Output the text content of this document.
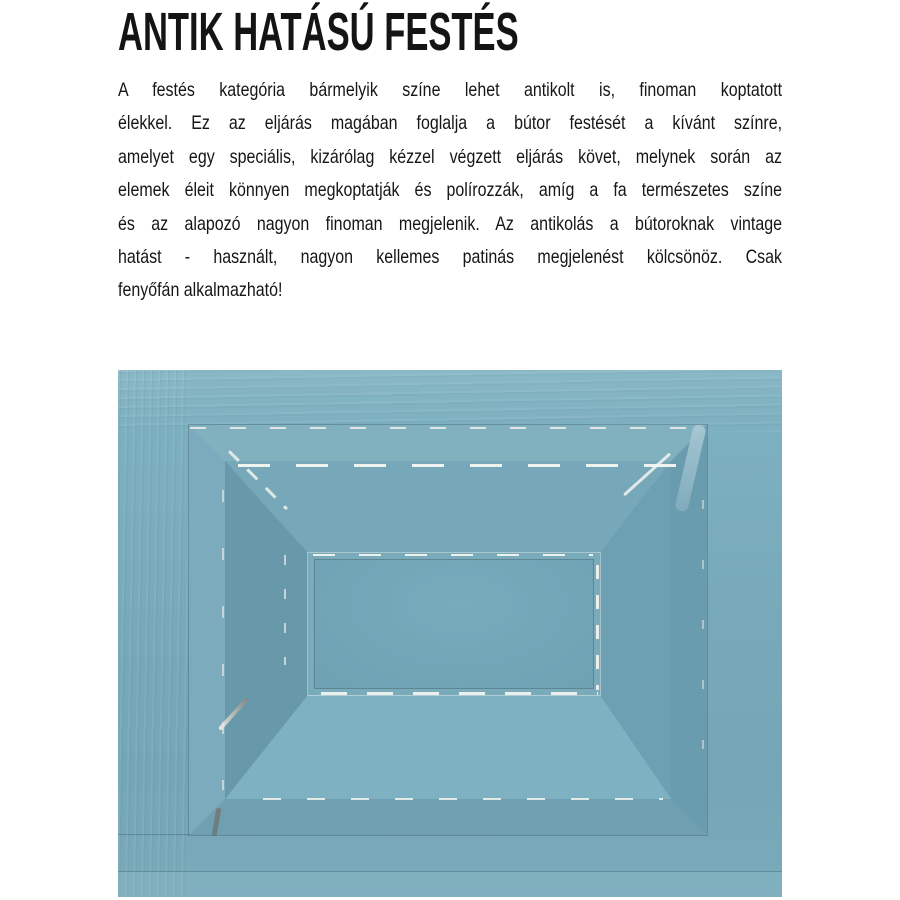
ANTIK HATÁSÚ FESTÉS
A festés kategória bármelyik színe lehet antikolt is, finoman koptatott
élekkel. Ez az eljárás magában foglalja a bútor festését a kívánt színre,
amelyet egy speciális, kizárólag kézzel végzett eljárás követ, melynek során az
elemek éleit könnyen megkoptatják és polírozzák, amíg a fa természetes színe
és az alapozó nagyon finoman megjelenik. Az antikolás a bútoroknak vintage
hatást - használt, nagyon kellemes patinás megjelenést kölcsönöz. Csak
fenyőfán alkalmazható!
